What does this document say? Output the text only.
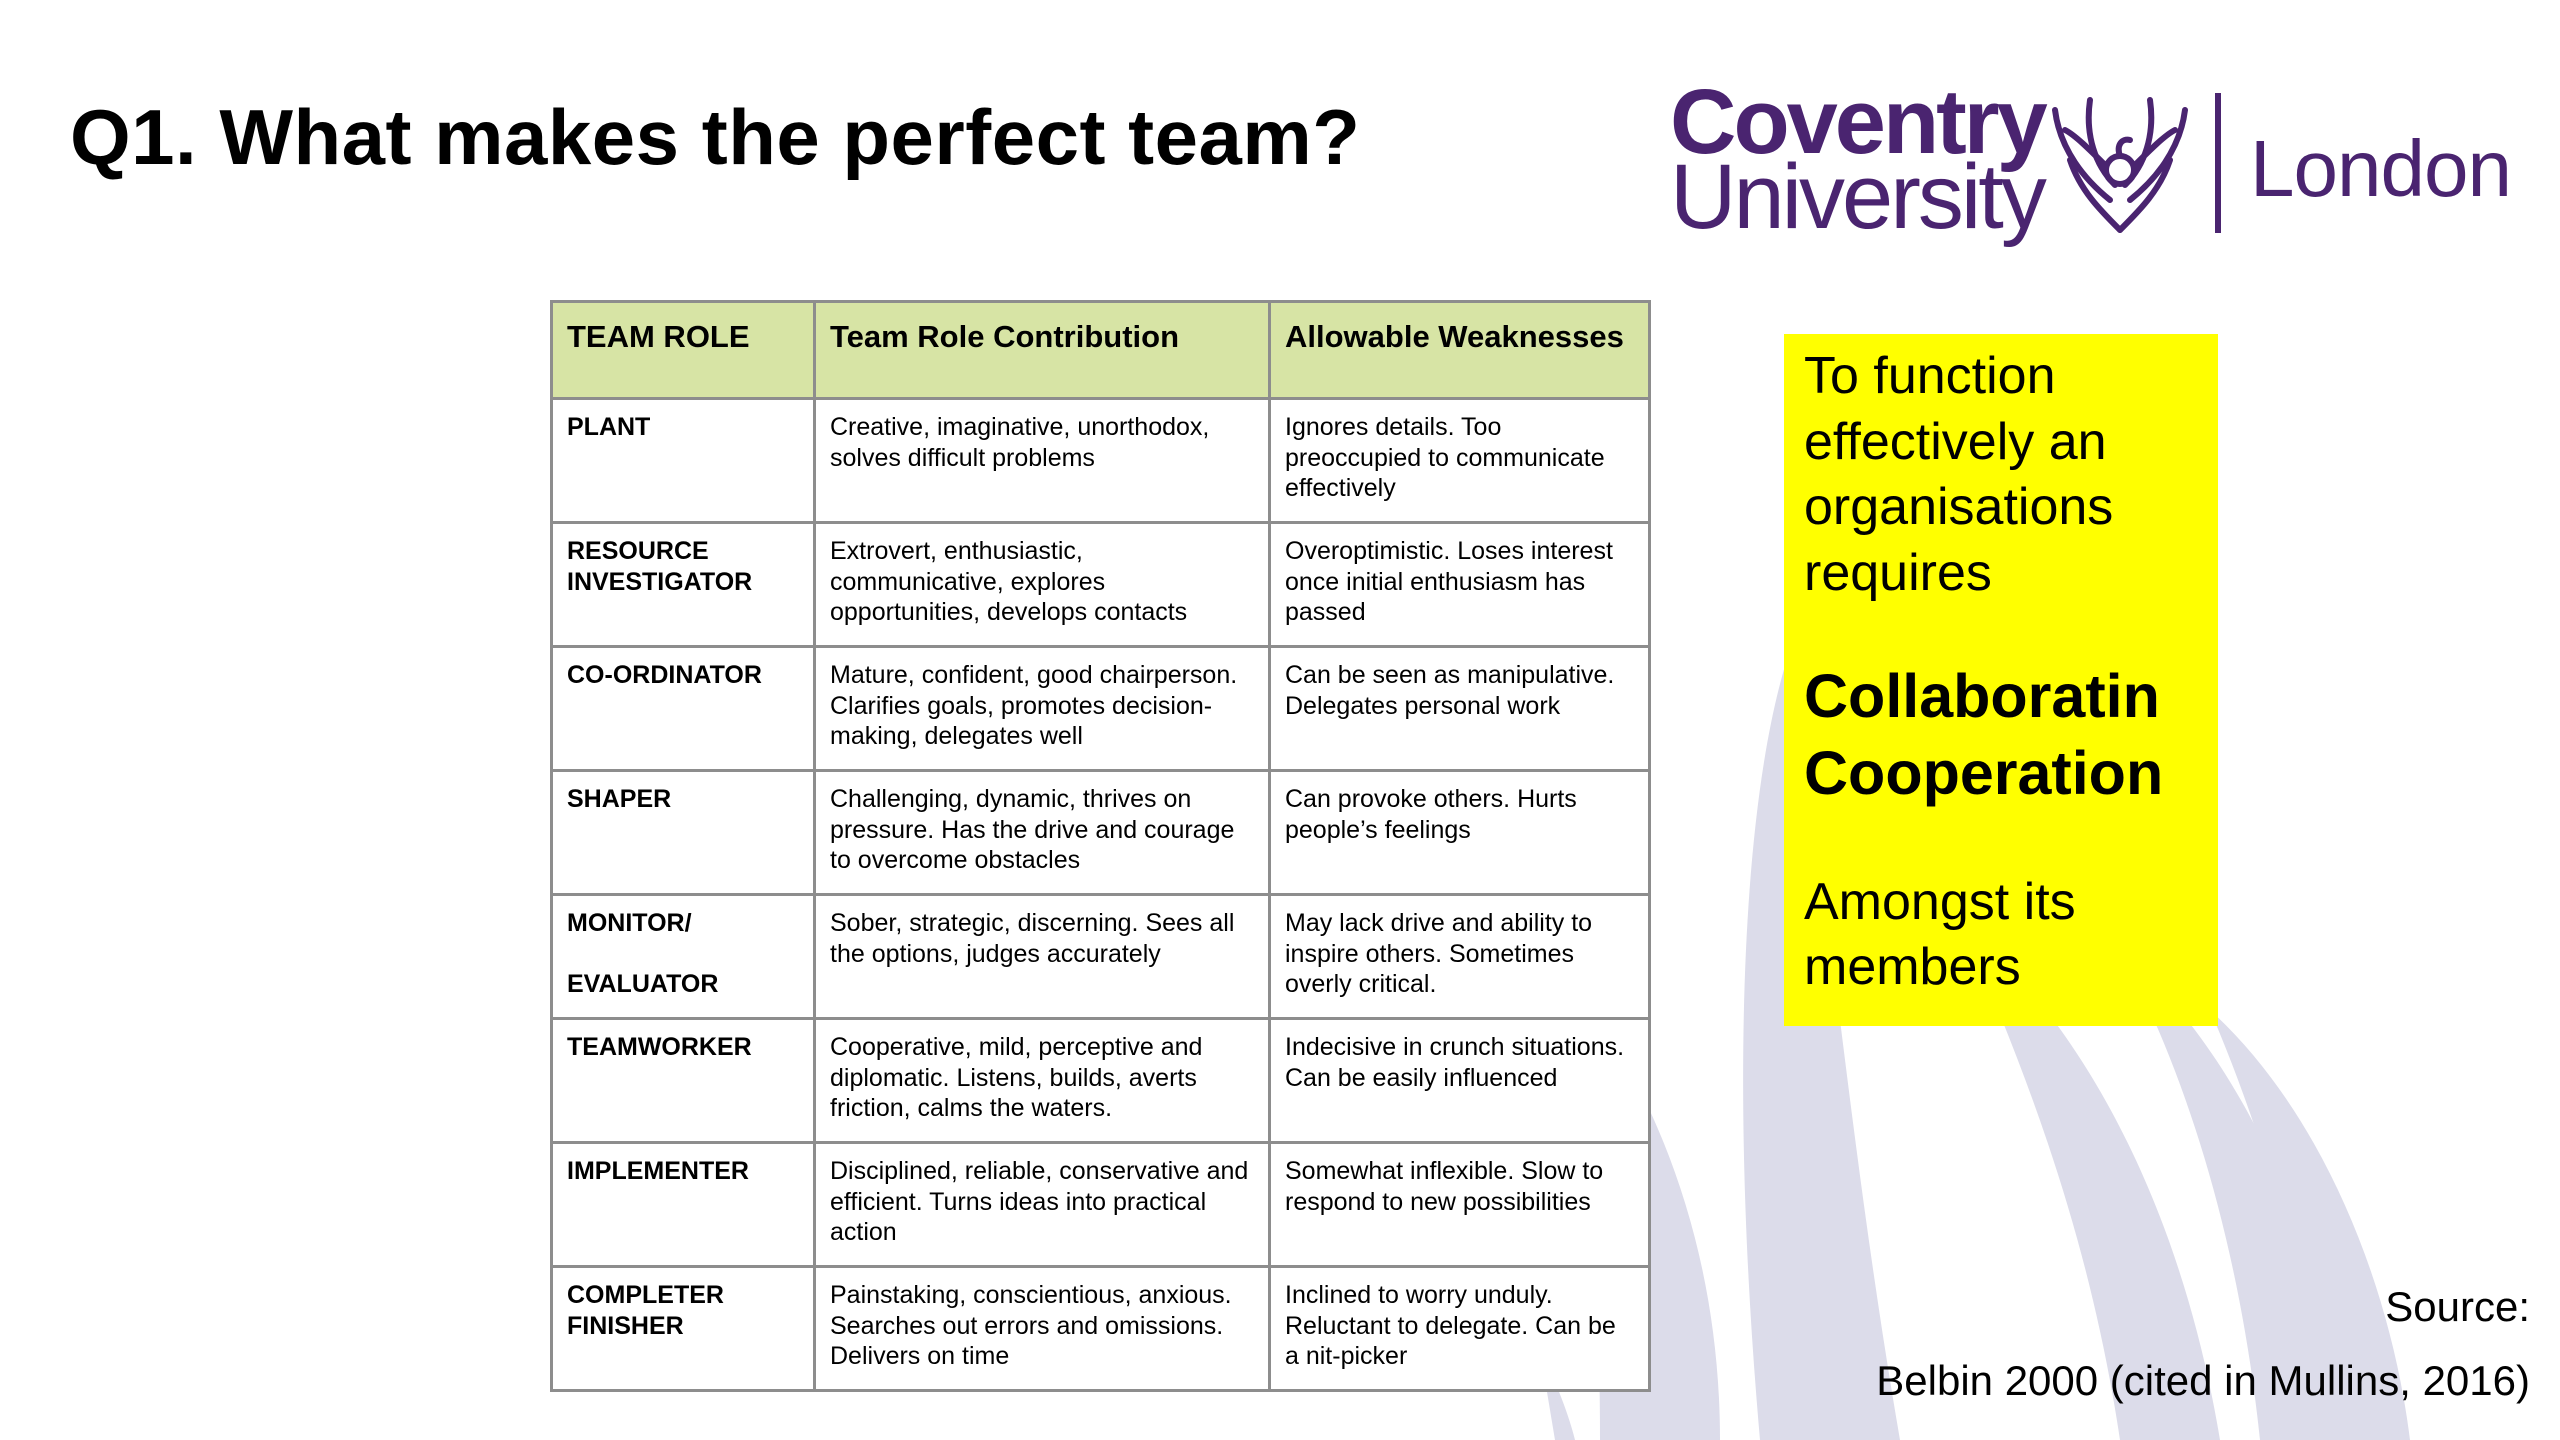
Q1. What makes the perfect team?	Coventry
University	London
TEAM ROLE	Team Role Contribution	Allowable Weaknesses
PLANT	Creative, imaginative, unorthodox, solves difficult problems	Ignores details. Too preoccupied to communicate effectively
RESOURCE
INVESTIGATOR	Extrovert, enthusiastic, communicative, explores opportunities, develops contacts	Overoptimistic. Loses interest once initial enthusiasm has passed
CO-ORDINATOR	Mature, confident, good chairperson. Clarifies goals, promotes decision-making, delegates well	Can be seen as manipulative. Delegates personal work
SHAPER	Challenging, dynamic, thrives on pressure. Has the drive and courage to overcome obstacles	Can provoke others. Hurts people’s feelings
MONITOR/

EVALUATOR	Sober, strategic, discerning. Sees all the options, judges accurately	May lack drive and ability to inspire others. Sometimes overly critical.
TEAMWORKER	Cooperative, mild, perceptive and diplomatic. Listens, builds, averts friction, calms the waters.	Indecisive in crunch situations. Can be easily influenced
IMPLEMENTER	Disciplined, reliable, conservative and efficient. Turns ideas into practical action	Somewhat inflexible. Slow to respond to new possibilities
COMPLETER
FINISHER	Painstaking, conscientious, anxious. Searches out errors and omissions. Delivers on time	Inclined to worry unduly. Reluctant to delegate. Can be a nit-picker

To function effectively an organisations requires

Collaboratin

Cooperation

Amongst its members

Source:
Belbin 2000 (cited in Mullins, 2016)
